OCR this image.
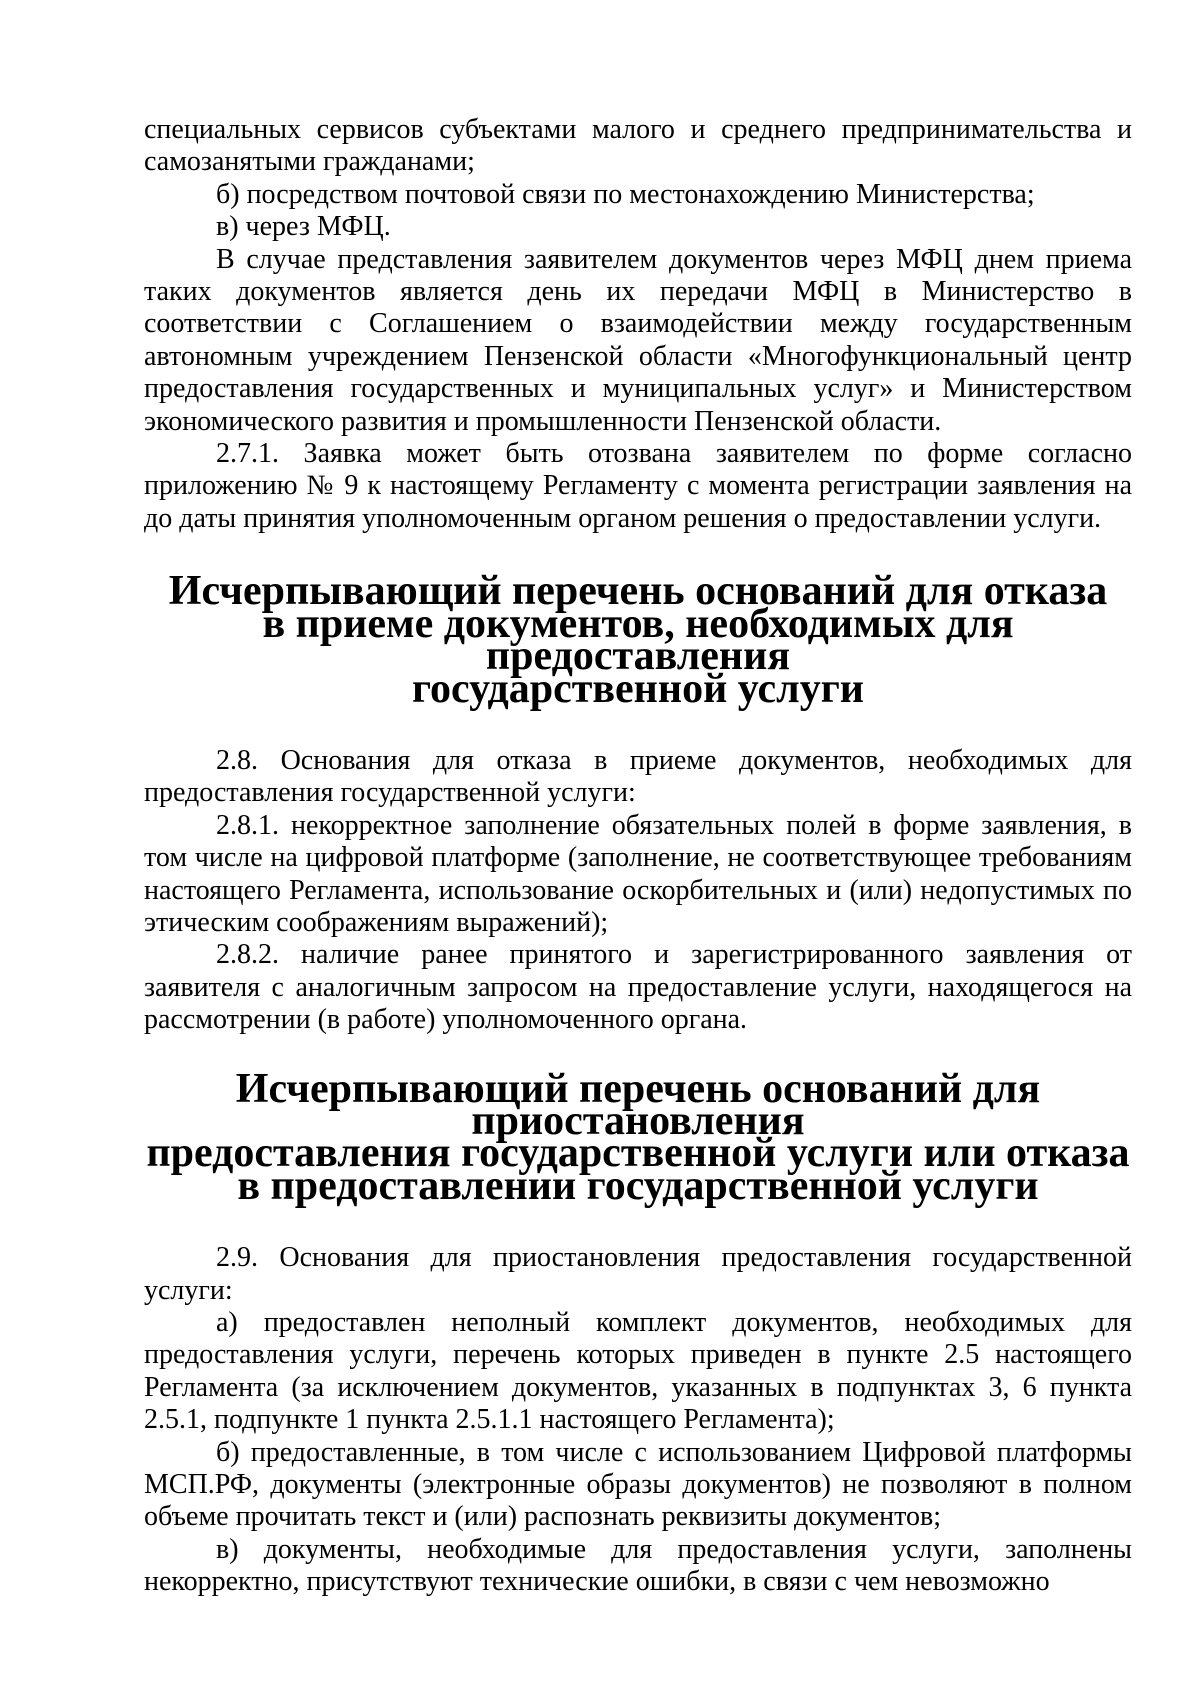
специальных сервисов субъектами малого и среднего предпринимательства и самозанятыми гражданами;

б) посредством почтовой связи по местонахождению Министерства;

в) через МФЦ.

В случае представления заявителем документов через МФЦ днем приема таких документов является день их передачи МФЦ в Министерство в соответствии с Соглашением о взаимодействии между государственным автономным учреждением Пензенской области «Многофункциональный центр предоставления государственных и муниципальных услуг» и Министерством экономического развития и промышленности Пензенской области.

2.7.1. Заявка может быть отозвана заявителем по форме согласно приложению № 9 к настоящему Регламенту с момента регистрации заявления на до даты принятия уполномоченным органом решения о предоставлении услуги.

Исчерпывающий перечень оснований для отказа
в приеме документов, необходимых для предоставления
государственной услуги

2.8. Основания для отказа в приеме документов, необходимых для предоставления государственной услуги:

2.8.1. некорректное заполнение обязательных полей в форме заявления, в том числе на цифровой платформе (заполнение, не соответствующее требованиям настоящего Регламента, использование оскорбительных и (или) недопустимых по этическим соображениям выражений);

2.8.2. наличие ранее принятого и зарегистрированного заявления от заявителя с аналогичным запросом на предоставление услуги, находящегося на рассмотрении (в работе) уполномоченного органа.

Исчерпывающий перечень оснований для приостановления
предоставления государственной услуги или отказа
в предоставлении государственной услуги

2.9. Основания для приостановления предоставления государственной услуги:

а) предоставлен неполный комплект документов, необходимых для предоставления услуги, перечень которых приведен в пункте 2.5 настоящего Регламента (за исключением документов, указанных в подпунктах 3, 6 пункта 2.5.1, подпункте 1 пункта 2.5.1.1 настоящего Регламента);

б) предоставленные, в том числе с использованием Цифровой платформы МСП.РФ, документы (электронные образы документов) не позволяют в полном объеме прочитать текст и (или) распознать реквизиты документов;

в) документы, необходимые для предоставления услуги, заполнены некорректно, присутствуют технические ошибки, в связи с чем невозможно
